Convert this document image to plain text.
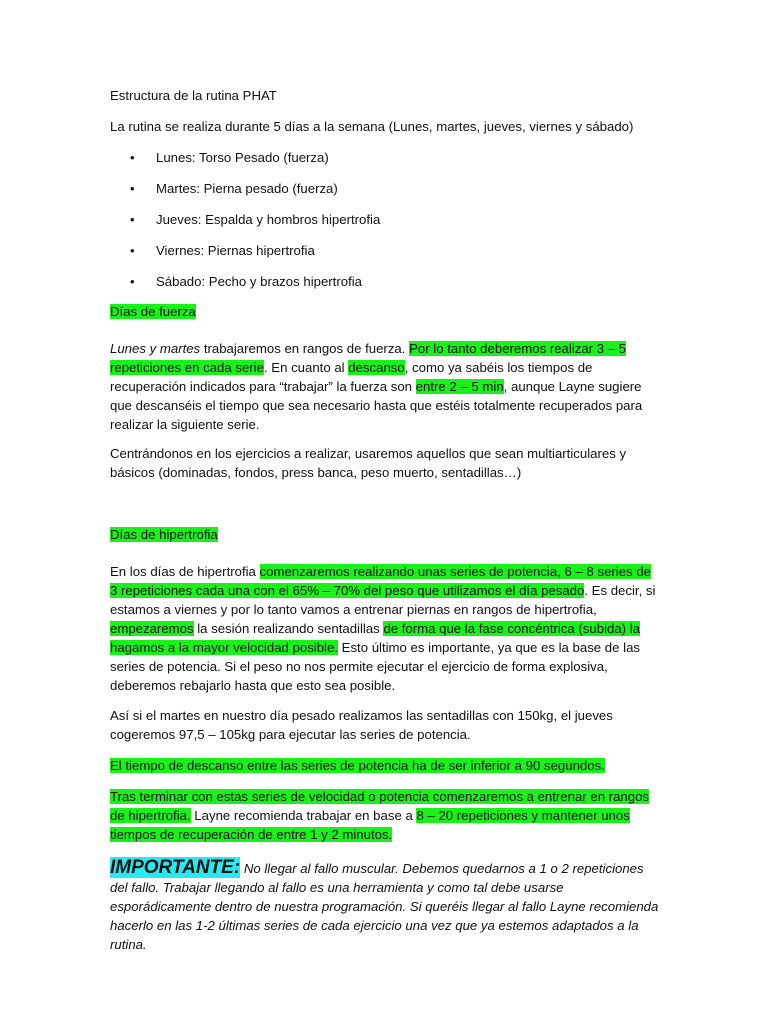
Estructura de la rutina PHAT

La rutina se realiza durante 5 días a la semana (Lunes, martes, jueves, viernes y sábado)

• Lunes: Torso Pesado (fuerza)
• Martes: Pierna pesado (fuerza)
• Jueves: Espalda y hombros hipertrofia
• Viernes: Piernas hipertrofia
• Sábado: Pecho y brazos hipertrofia

Días de fuerza

Lunes y martes trabajaremos en rangos de fuerza. Por lo tanto deberemos realizar 3 – 5 repeticiones en cada serie. En cuanto al descanso, como ya sabéis los tiempos de recuperación indicados para “trabajar” la fuerza son entre 2 – 5 min, aunque Layne sugiere que descanséis el tiempo que sea necesario hasta que estéis totalmente recuperados para realizar la siguiente serie.

Centrándonos en los ejercicios a realizar, usaremos aquellos que sean multiarticulares y básicos (dominadas, fondos, press banca, peso muerto, sentadillas…)

Días de hipertrofia

En los días de hipertrofia comenzaremos realizando unas series de potencia, 6 – 8 series de 3 repeticiones cada una con el 65% – 70% del peso que utilizamos el día pesado. Es decir, si estamos a viernes y por lo tanto vamos a entrenar piernas en rangos de hipertrofia, empezaremos la sesión realizando sentadillas de forma que la fase concéntrica (subida) la hagamos a la mayor velocidad posible. Esto último es importante, ya que es la base de las series de potencia. Si el peso no nos permite ejecutar el ejercicio de forma explosiva, deberemos rebajarlo hasta que esto sea posible.

Así si el martes en nuestro día pesado realizamos las sentadillas con 150kg, el jueves cogeremos 97,5 – 105kg para ejecutar las series de potencia.

El tiempo de descanso entre las series de potencia ha de ser inferior a 90 segundos.

Tras terminar con estas series de velocidad o potencia comenzaremos a entrenar en rangos de hipertrofia. Layne recomienda trabajar en base a 8 – 20 repeticiones y mantener unos tiempos de recuperación de entre 1 y 2 minutos.

IMPORTANTE: No llegar al fallo muscular. Debemos quedarnos a 1 o 2 repeticiones del fallo. Trabajar llegando al fallo es una herramienta y como tal debe usarse esporádicamente dentro de nuestra programación. Si queréis llegar al fallo Layne recomienda hacerlo en las 1-2 últimas series de cada ejercicio una vez que ya estemos adaptados a la rutina.
